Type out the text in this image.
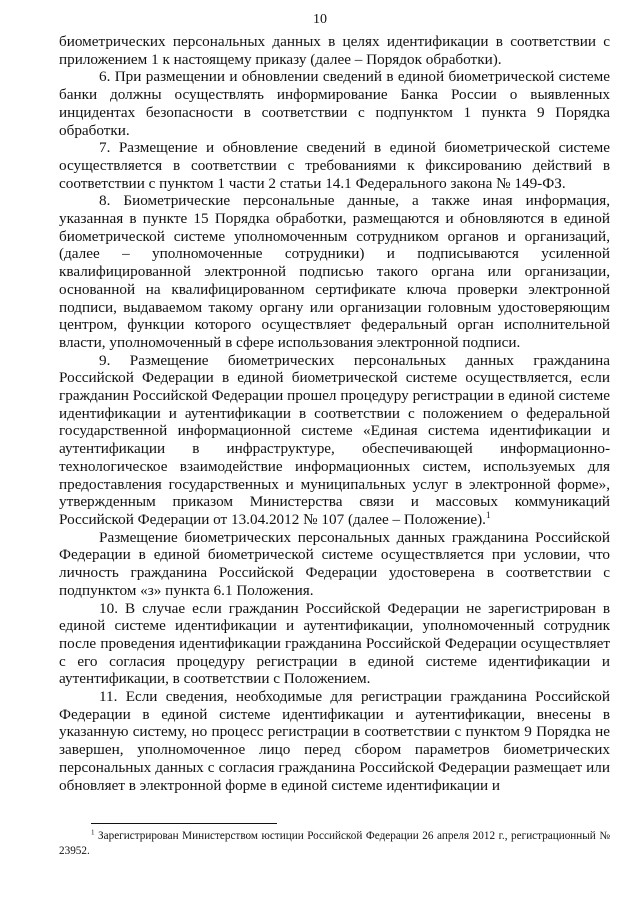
10

биометрических персональных данных в целях идентификации в соответствии с приложением 1 к настоящему приказу (далее – Порядок обработки).

6. При размещении и обновлении сведений в единой биометрической системе банки должны осуществлять информирование Банка России о выявленных инцидентах безопасности в соответствии с подпунктом 1 пункта 9 Порядка обработки.

7. Размещение и обновление сведений в единой биометрической системе осуществляется в соответствии с требованиями к фиксированию действий в соответствии с пунктом 1 части 2 статьи 14.1 Федерального закона № 149-ФЗ.

8. Биометрические персональные данные, а также иная информация, указанная в пункте 15 Порядка обработки, размещаются и обновляются в единой биометрической системе уполномоченным сотрудником органов и организаций, (далее – уполномоченные сотрудники) и подписываются усиленной квалифицированной электронной подписью такого органа или организации, основанной на квалифицированном сертификате ключа проверки электронной подписи, выдаваемом такому органу или организации головным удостоверяющим центром, функции которого осуществляет федеральный орган исполнительной власти, уполномоченный в сфере использования электронной подписи.

9. Размещение биометрических персональных данных гражданина Российской Федерации в единой биометрической системе осуществляется, если гражданин Российской Федерации прошел процедуру регистрации в единой системе идентификации и аутентификации в соответствии с положением о федеральной государственной информационной системе «Единая система идентификации и аутентификации в инфраструктуре, обеспечивающей информационно-технологическое взаимодействие информационных систем, используемых для предоставления государственных и муниципальных услуг в электронной форме», утвержденным приказом Министерства связи и массовых коммуникаций Российской Федерации от 13.04.2012 № 107 (далее – Положение).$^1$

Размещение биометрических персональных данных гражданина Российской Федерации в единой биометрической системе осуществляется при условии, что личность гражданина Российской Федерации удостоверена в соответствии с подпунктом «з» пункта 6.1 Положения.

10. В случае если гражданин Российской Федерации не зарегистрирован в единой системе идентификации и аутентификации, уполномоченный сотрудник после проведения идентификации гражданина Российской Федерации осуществляет с его согласия процедуру регистрации в единой системе идентификации и аутентификации, в соответствии с Положением.

11. Если сведения, необходимые для регистрации гражданина Российской Федерации в единой системе идентификации и аутентификации, внесены в указанную систему, но процесс регистрации в соответствии с пунктом 9 Порядка не завершен, уполномоченное лицо перед сбором параметров биометрических персональных данных с согласия гражданина Российской Федерации размещает или обновляет в электронной форме в единой системе идентификации и

$^1$ Зарегистрирован Министерством юстиции Российской Федерации 26 апреля 2012 г., регистрационный № 23952.
